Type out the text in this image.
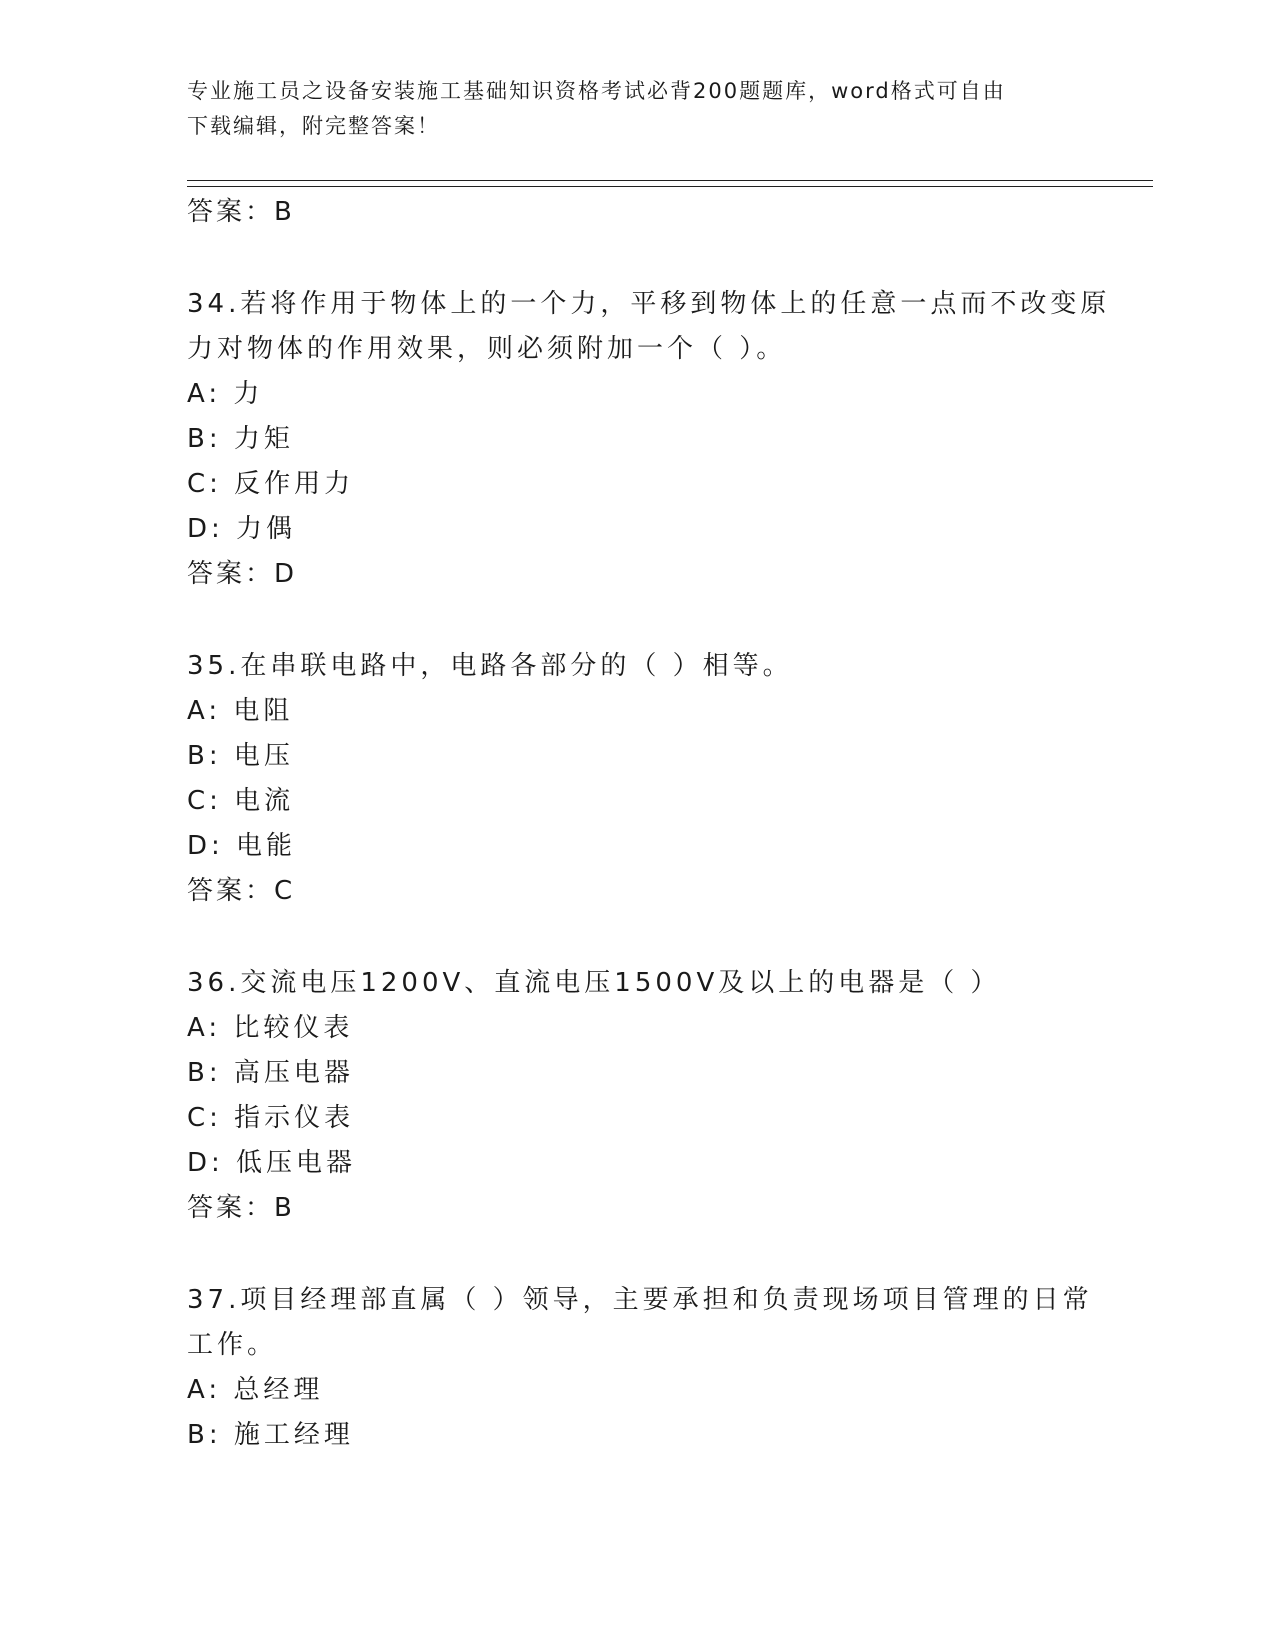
专业施工员之设备安装施工基础知识资格考试必背200题题库，word格式可自由
下载编辑，附完整答案！
答案：B
34.若将作用于物体上的一个力，平移到物体上的任意一点而不改变原
力对物体的作用效果，则必须附加一个（ ）。
A: 力
B: 力矩
C: 反作用力
D: 力偶
答案：D
35.在串联电路中，电路各部分的（ ）相等。
A: 电阻
B: 电压
C: 电流
D: 电能
答案：C
36.交流电压1200V、直流电压1500V及以上的电器是（ ）
A: 比较仪表
B: 高压电器
C: 指示仪表
D: 低压电器
答案：B
37.项目经理部直属（ ）领导，主要承担和负责现场项目管理的日常
工作。
A: 总经理
B: 施工经理
